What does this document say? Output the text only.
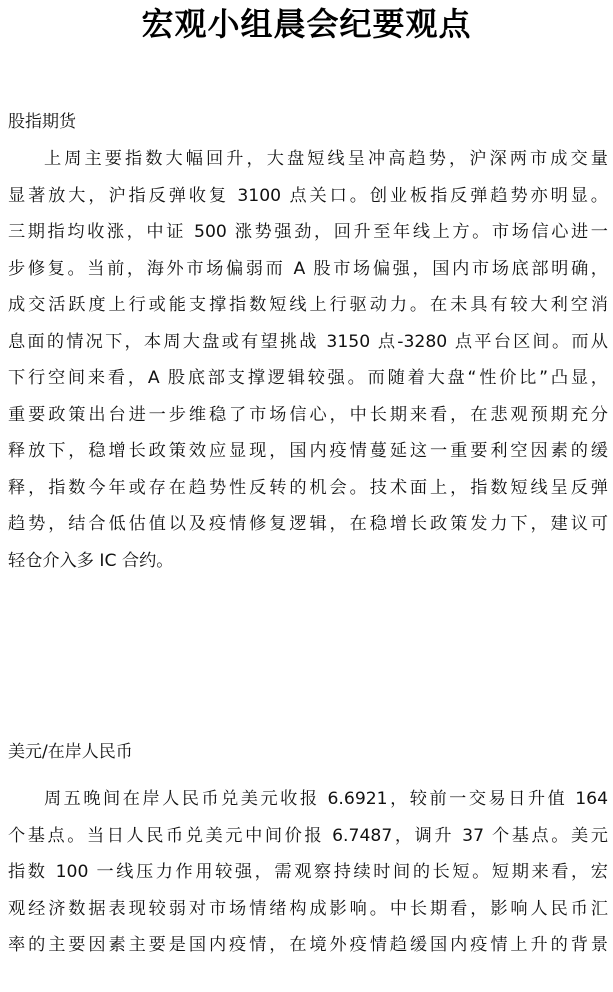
宏观小组晨会纪要观点
股指期货
上周主要指数大幅回升，大盘短线呈冲高趋势，沪深两市成交量
显著放大，沪指反弹收复 3100 点关口。创业板指反弹趋势亦明显。
三期指均收涨，中证 500 涨势强劲，回升至年线上方。市场信心进一
步修复。当前，海外市场偏弱而 A 股市场偏强，国内市场底部明确，
成交活跃度上行或能支撑指数短线上行驱动力。在未具有较大利空消
息面的情况下，本周大盘或有望挑战 3150 点-3280 点平台区间。而从
下行空间来看，A 股底部支撑逻辑较强。而随着大盘“性价比”凸显，
重要政策出台进一步维稳了市场信心，中长期来看，在悲观预期充分
释放下，稳增长政策效应显现，国内疫情蔓延这一重要利空因素的缓
释，指数今年或存在趋势性反转的机会。技术面上，指数短线呈反弹
趋势，结合低估值以及疫情修复逻辑，在稳增长政策发力下，建议可
轻仓介入多 IC 合约。
美元/在岸人民币
周五晚间在岸人民币兑美元收报 6.6921，较前一交易日升值 164
个基点。当日人民币兑美元中间价报 6.7487，调升 37 个基点。美元
指数 100 一线压力作用较强，需观察持续时间的长短。短期来看，宏
观经济数据表现较弱对市场情绪构成影响。中长期看，影响人民币汇
率的主要因素主要是国内疫情，在境外疫情趋缓国内疫情上升的背景
